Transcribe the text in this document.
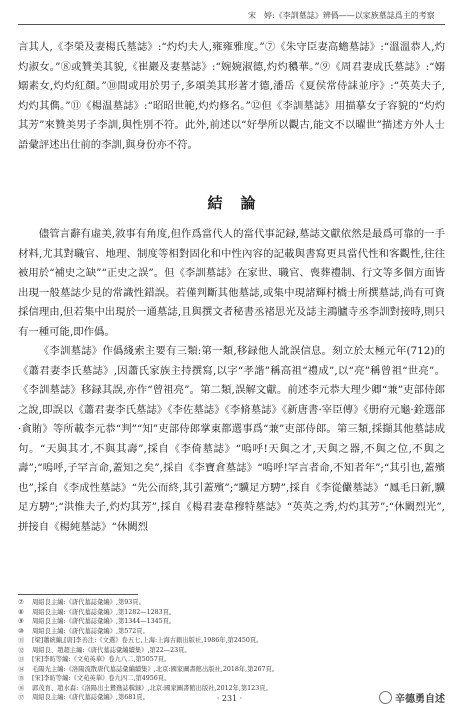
宋　婷:《李訓墓誌》辨僞——以家族墓誌爲主的考察

言其人,《李榮及妻楊氏墓誌》:“灼灼夫人,雍雍雅度。”⑦《朱守臣妻高蟾墓誌》:“溫溫恭人,灼灼淑女。”⑧或贊美其貌,《崔巖及妻墓誌》:“婉婉淑德,灼灼穠華。”⑨《周君妻成氏墓誌》:“嫋嫋素女,灼灼紅顏。”⑩間或用於男子,多頌美其形著才德,潘岳《夏侯常侍誄並序》:“英英夫子,灼灼其儁。”⑪《楊温墓誌》:“昭昭世範,灼灼修名。”⑫但《李訓墓誌》用描摹女子容貌的“灼灼其芳”來贊美男子李訓,與性別不符。此外,前述以“好學所以觀古,能文不以曜世”描述方外人士語彙評述出仕前的李訓,與身份亦不符。

結論

儘管言辭有虛美,敘事有角度,但作爲當代人的當代事記録,墓誌文獻依然是最爲可靠的一手材料,尤其對職官、地理、制度等相對固化和中性內容的記載與書寫更具當代性和客觀性,往往被用於“補史之缺”“正史之誤”。但《李訓墓誌》在家世、職官、喪葬禮制、行文等多個方面皆出現一般墓誌少見的常識性錯誤。若僅判斷其他墓誌,或集中現諸輝村橋士所撰墓誌,尚有可資採信理由,但若集中出現於一通墓誌,且與撰文者秘書丞褚思光及誌主鴻臚寺丞李訓對接時,則只有一種可能,即作僞。

《李訓墓誌》作僞綫索主要有三類:第一類,移録他人訛誤信息。刻立於太極元年(712)的《蕭君妻李氏墓誌》,因蕭氏家族主持撰寫,以字“孝諧”稱高祖“禮成”,以“亮”稱曾祖“世亮”。《李訓墓誌》移録其誤,亦作“曾祖亮”。第二類,誤解文獻。前述李元恭大理少卿“兼”吏部侍郎之說,即誤以《蕭君妻李氏墓誌》《李佐墓誌》《李脩墓誌》《新唐書·宰臣傳》《册府元龜·銓選部·貪賄》等所載李元恭“判”“知”吏部侍郎掌東都選事爲“兼”吏部侍郎。第三類,採擷其他墓誌成句。“天與其才,不與其壽”,採自《李倚墓誌》“嗚呼!天與之才,天與之器,不與之位,不與之壽”;“嗚呼,子罕言命,蓋知之矣”,採自《李寶倉墓誌》“嗚呼!罕言者命,不知者年”;“其引也,蓋殯也”,採自《李成性墓誌》“先公而終,其引蓋殯”;“驥足方騁”,採自《李從儼墓誌》“鳳毛日新,驥足方騁”;“洪惟夫子,灼灼其芳”,採自《楊君妻韋穆特墓誌》“英英之秀,灼灼其芳”;“休闕烈光”,拼接自《楊純墓誌》“休闕烈

⑦ 周紹良主編:《唐代墓誌彙編》,第93頁。
⑧ 周紹良主編:《唐代墓誌彙編》,第1282—1283頁。
⑨ 周紹良主編:《唐代墓誌彙編》,第1344—1345頁。
⑩ 周紹良主編:《唐代墓誌彙編》,第572頁。
⑪ [梁]蕭統編,[唐]李善注:《文選》卷五七,上海:上海古籍出版社,1986年,第2450頁。
⑫ 周紹良、趙超主編:《唐代墓誌彙編續集》,第22—23頁。
⑬ [宋]李昉等編:《文苑英華》卷九八二,第5057頁。
⑭ 毛陽光主編:《洛陽流散唐代墓誌彙編續集》,北京:國家圖書館出版社,2018年,第267頁。
⑮ [宋]李昉等編:《文苑英華》卷九四二,第4956頁。
⑯ 郭茂育、趙水森:《洛陽出土鴛鴦誌輯録》,北京:國家圖書館出版社,2012年,第123頁。
⑰ 周紹良主編:《唐代墓誌彙編》,第681頁。	· 231 ·	辛德勇自述
